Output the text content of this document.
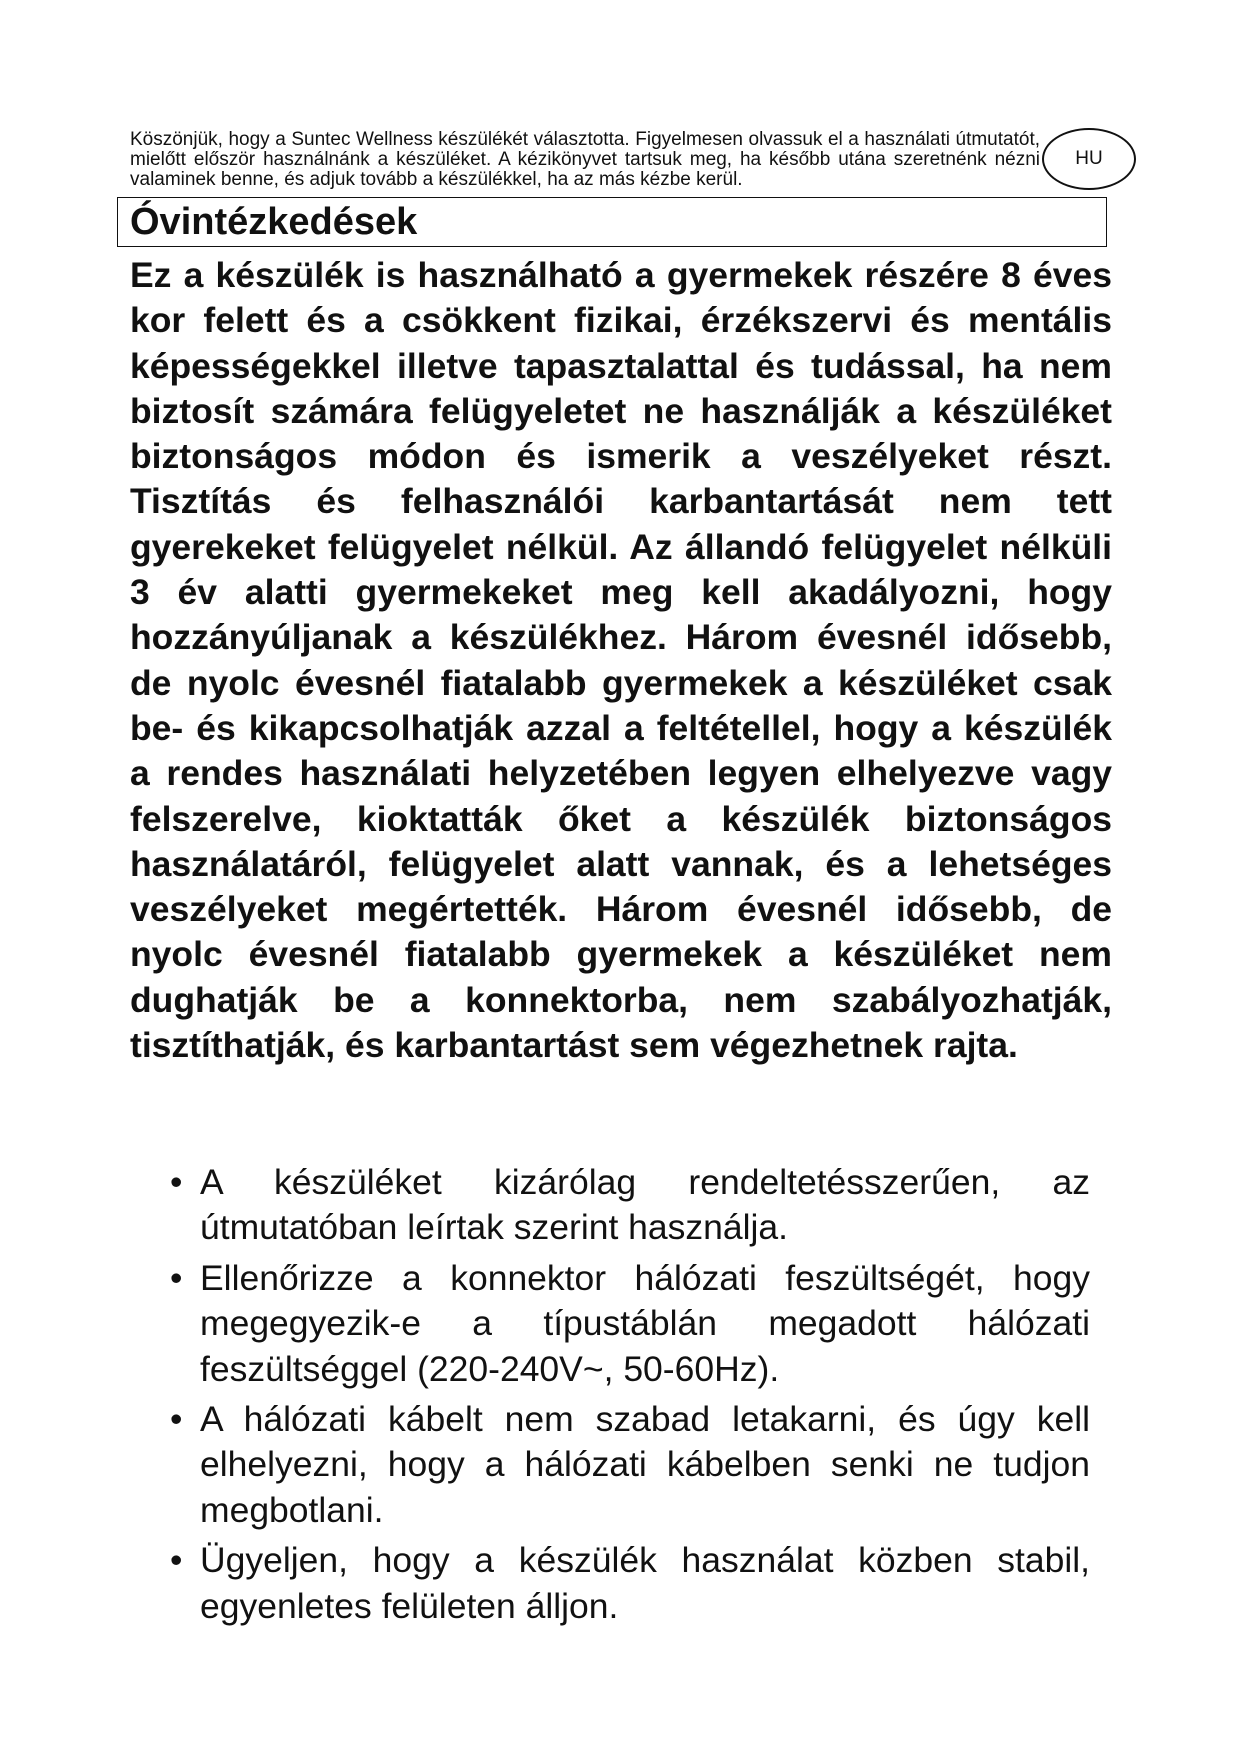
Köszönjük, hogy a Suntec Wellness készülékét választotta. Figyelmesen olvassuk el a használati útmutatót, mielőtt először használnánk a készüléket. A kézikönyvet tartsuk meg, ha később utána szeretnénk nézni valaminek benne, és adjuk tovább a készülékkel, ha az más kézbe kerül.
HU
Óvintézkedések

Ez a készülék is használható a gyermekek részére 8 éves kor felett és a csökkent fizikai, érzékszervi és mentális képességekkel illetve tapasztalattal és tudással, ha nem biztosít számára felügyeletet ne használják a készüléket biztonságos módon és ismerik a veszélyeket részt. Tisztítás és felhasználói karbantartását nem tett gyerekeket felügyelet nélkül. Az állandó felügyelet nélküli 3 év alatti gyermekeket meg kell akadályozni, hogy hozzányúljanak a készülékhez. Három évesnél idősebb, de nyolc évesnél fiatalabb gyermekek a készüléket csak be- és kikapcsolhatják azzal a feltétellel, hogy a készülék a rendes használati helyzetében legyen elhelyezve vagy felszerelve, kioktatták őket a készülék biztonságos használatáról, felügyelet alatt vannak, és a lehetséges veszélyeket megértették. Három évesnél idősebb, de nyolc évesnél fiatalabb gyermekek a készüléket nem dughatják be a konnektorba, nem szabályozhatják, tisztíthatják, és karbantartást sem végezhetnek rajta.

• A készüléket kizárólag rendeltetésszerűen, az útmutatóban leírtak szerint használja.
• Ellenőrizze a konnektor hálózati feszültségét, hogy megegyezik-e a típustáblán megadott hálózati feszültséggel (220-240V~, 50-60Hz).
• A hálózati kábelt nem szabad letakarni, és úgy kell elhelyezni, hogy a hálózati kábelben senki ne tudjon megbotlani.
• Ügyeljen, hogy a készülék használat közben stabil, egyenletes felületen álljon.
